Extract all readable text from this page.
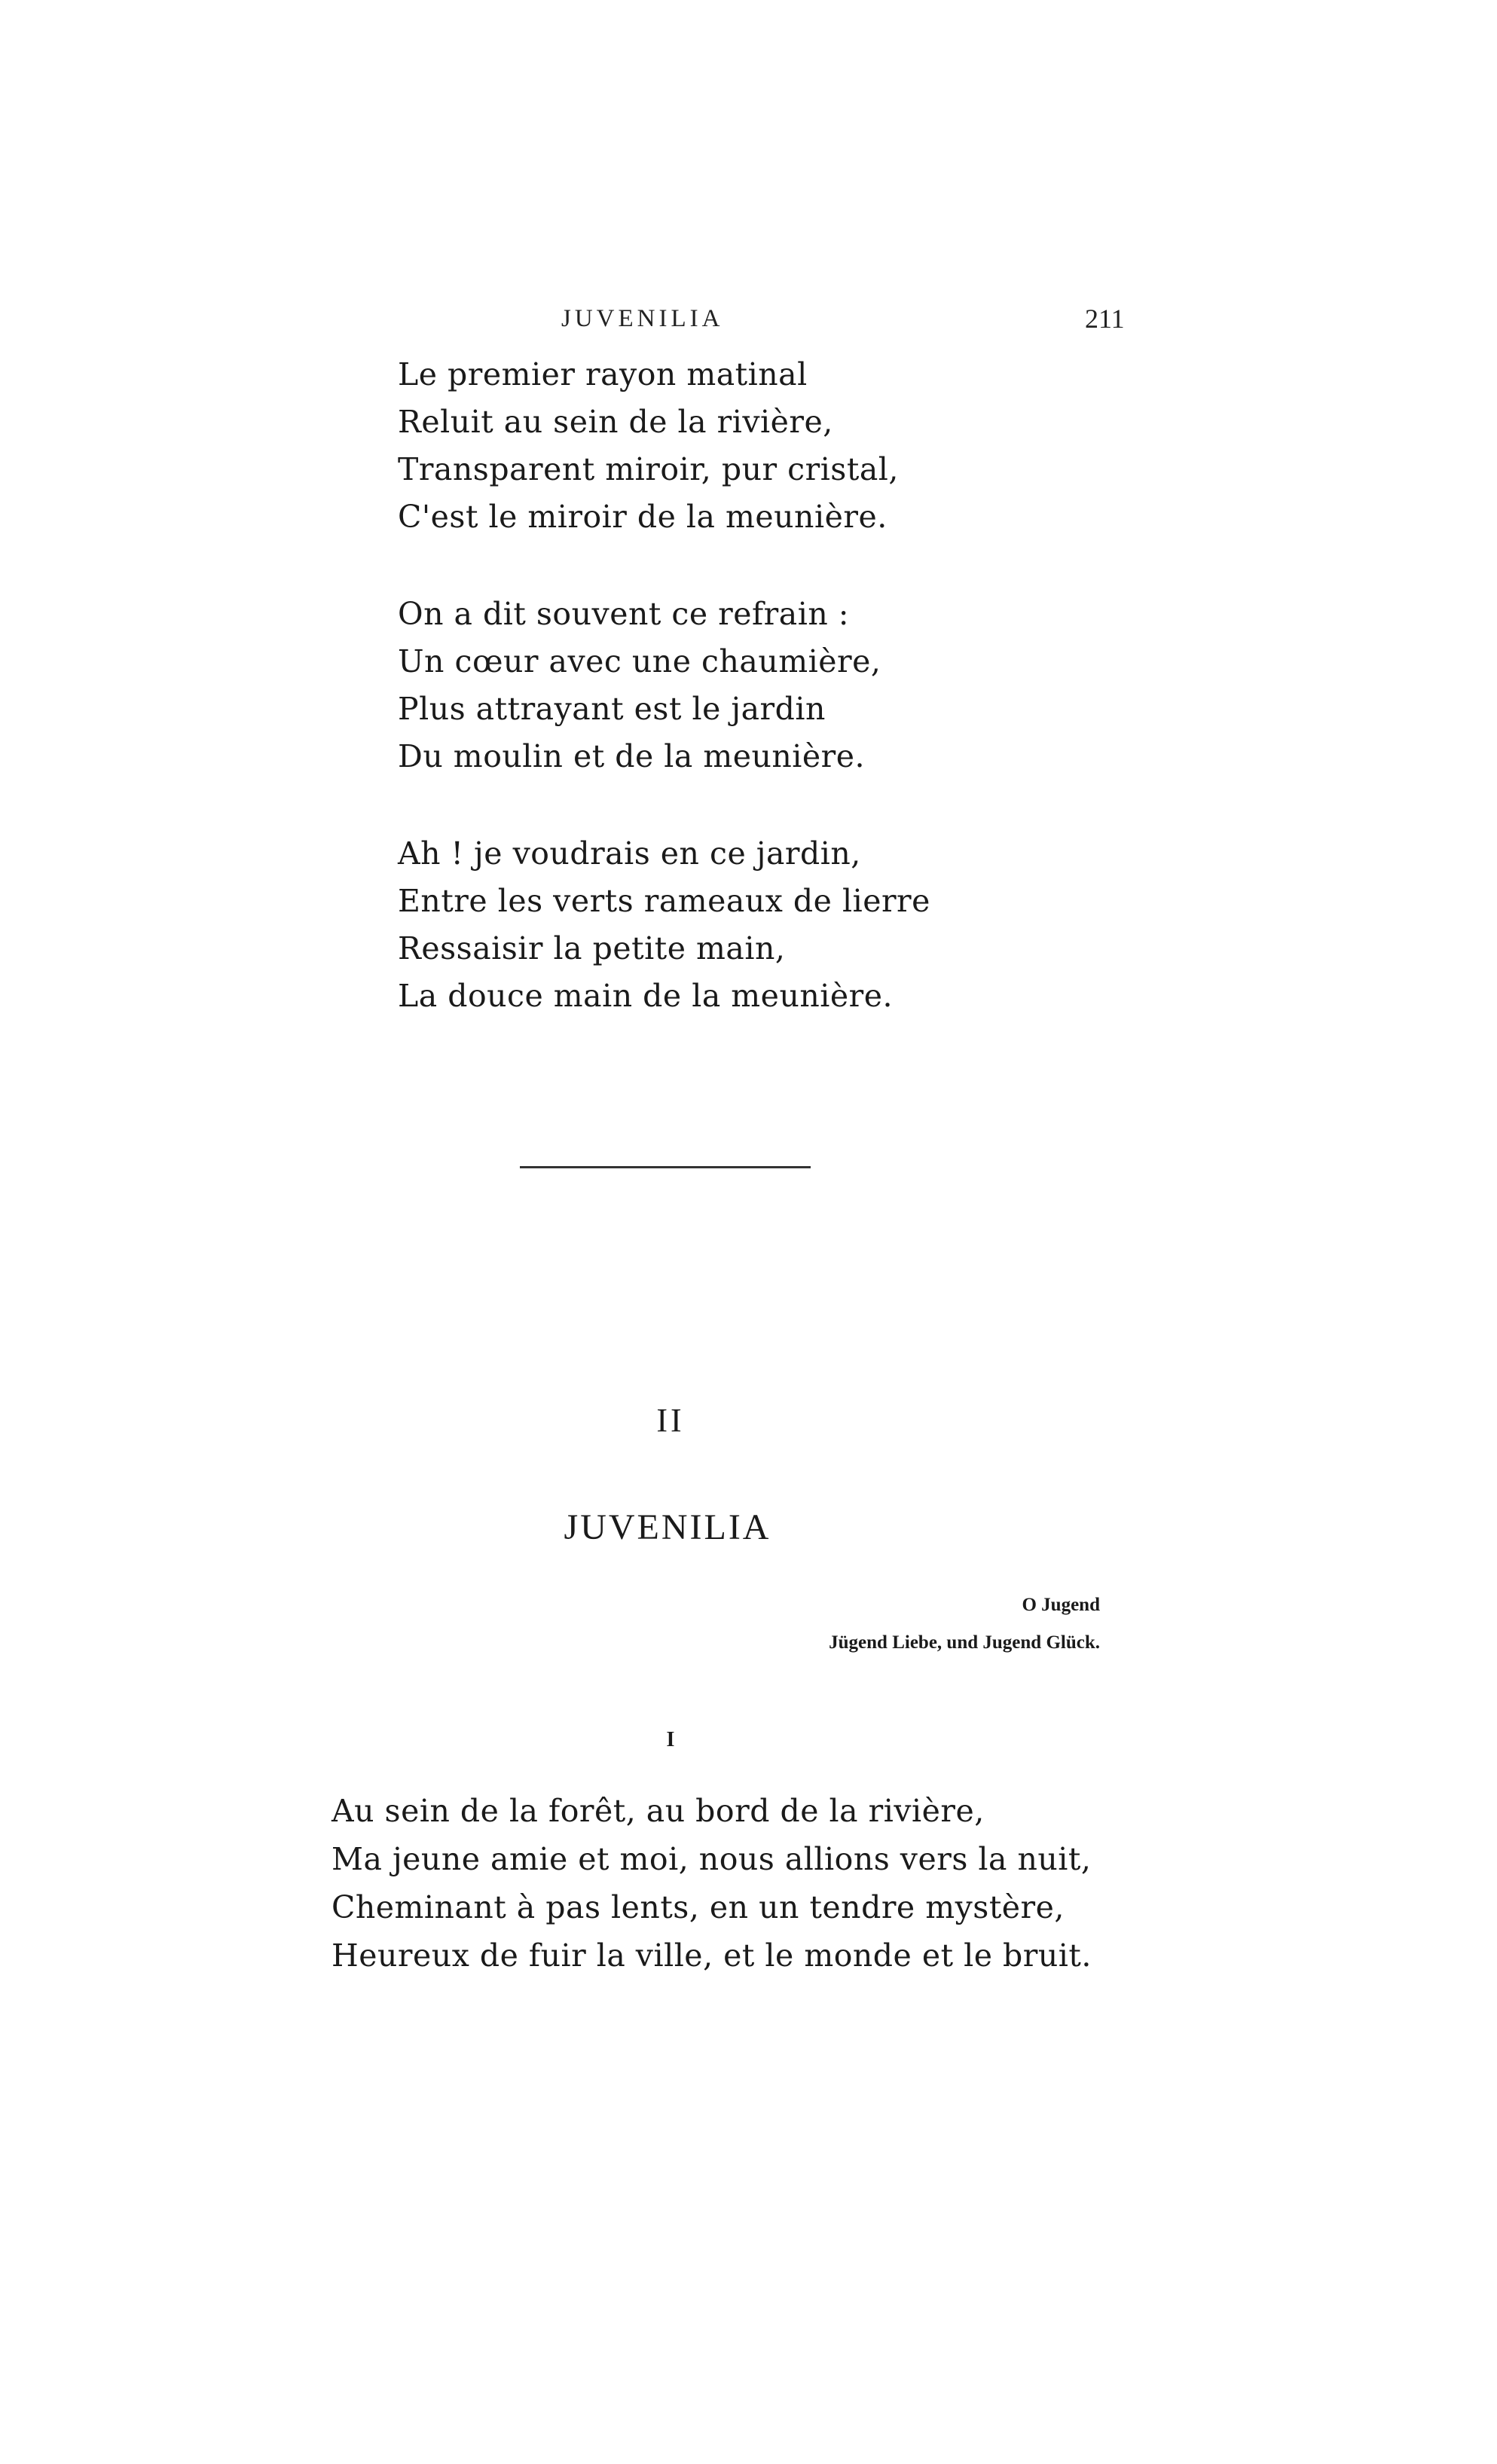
JUVENILIA	211
Le premier rayon matinal
Reluit au sein de la rivière,
Transparent miroir, pur cristal,
C'est le miroir de la meunière.
On a dit souvent ce refrain :
Un cœur avec une chaumière,
Plus attrayant est le jardin
Du moulin et de la meunière.
Ah ! je voudrais en ce jardin,
Entre les verts rameaux de lierre
Ressaisir la petite main,
La douce main de la meunière.
II
JUVENILIA
O Jugend
Jügend Liebe, und Jugend Glück.
I
Au sein de la forêt, au bord de la rivière,
Ma jeune amie et moi, nous allions vers la nuit,
Cheminant à pas lents, en un tendre mystère,
Heureux de fuir la ville, et le monde et le bruit.
